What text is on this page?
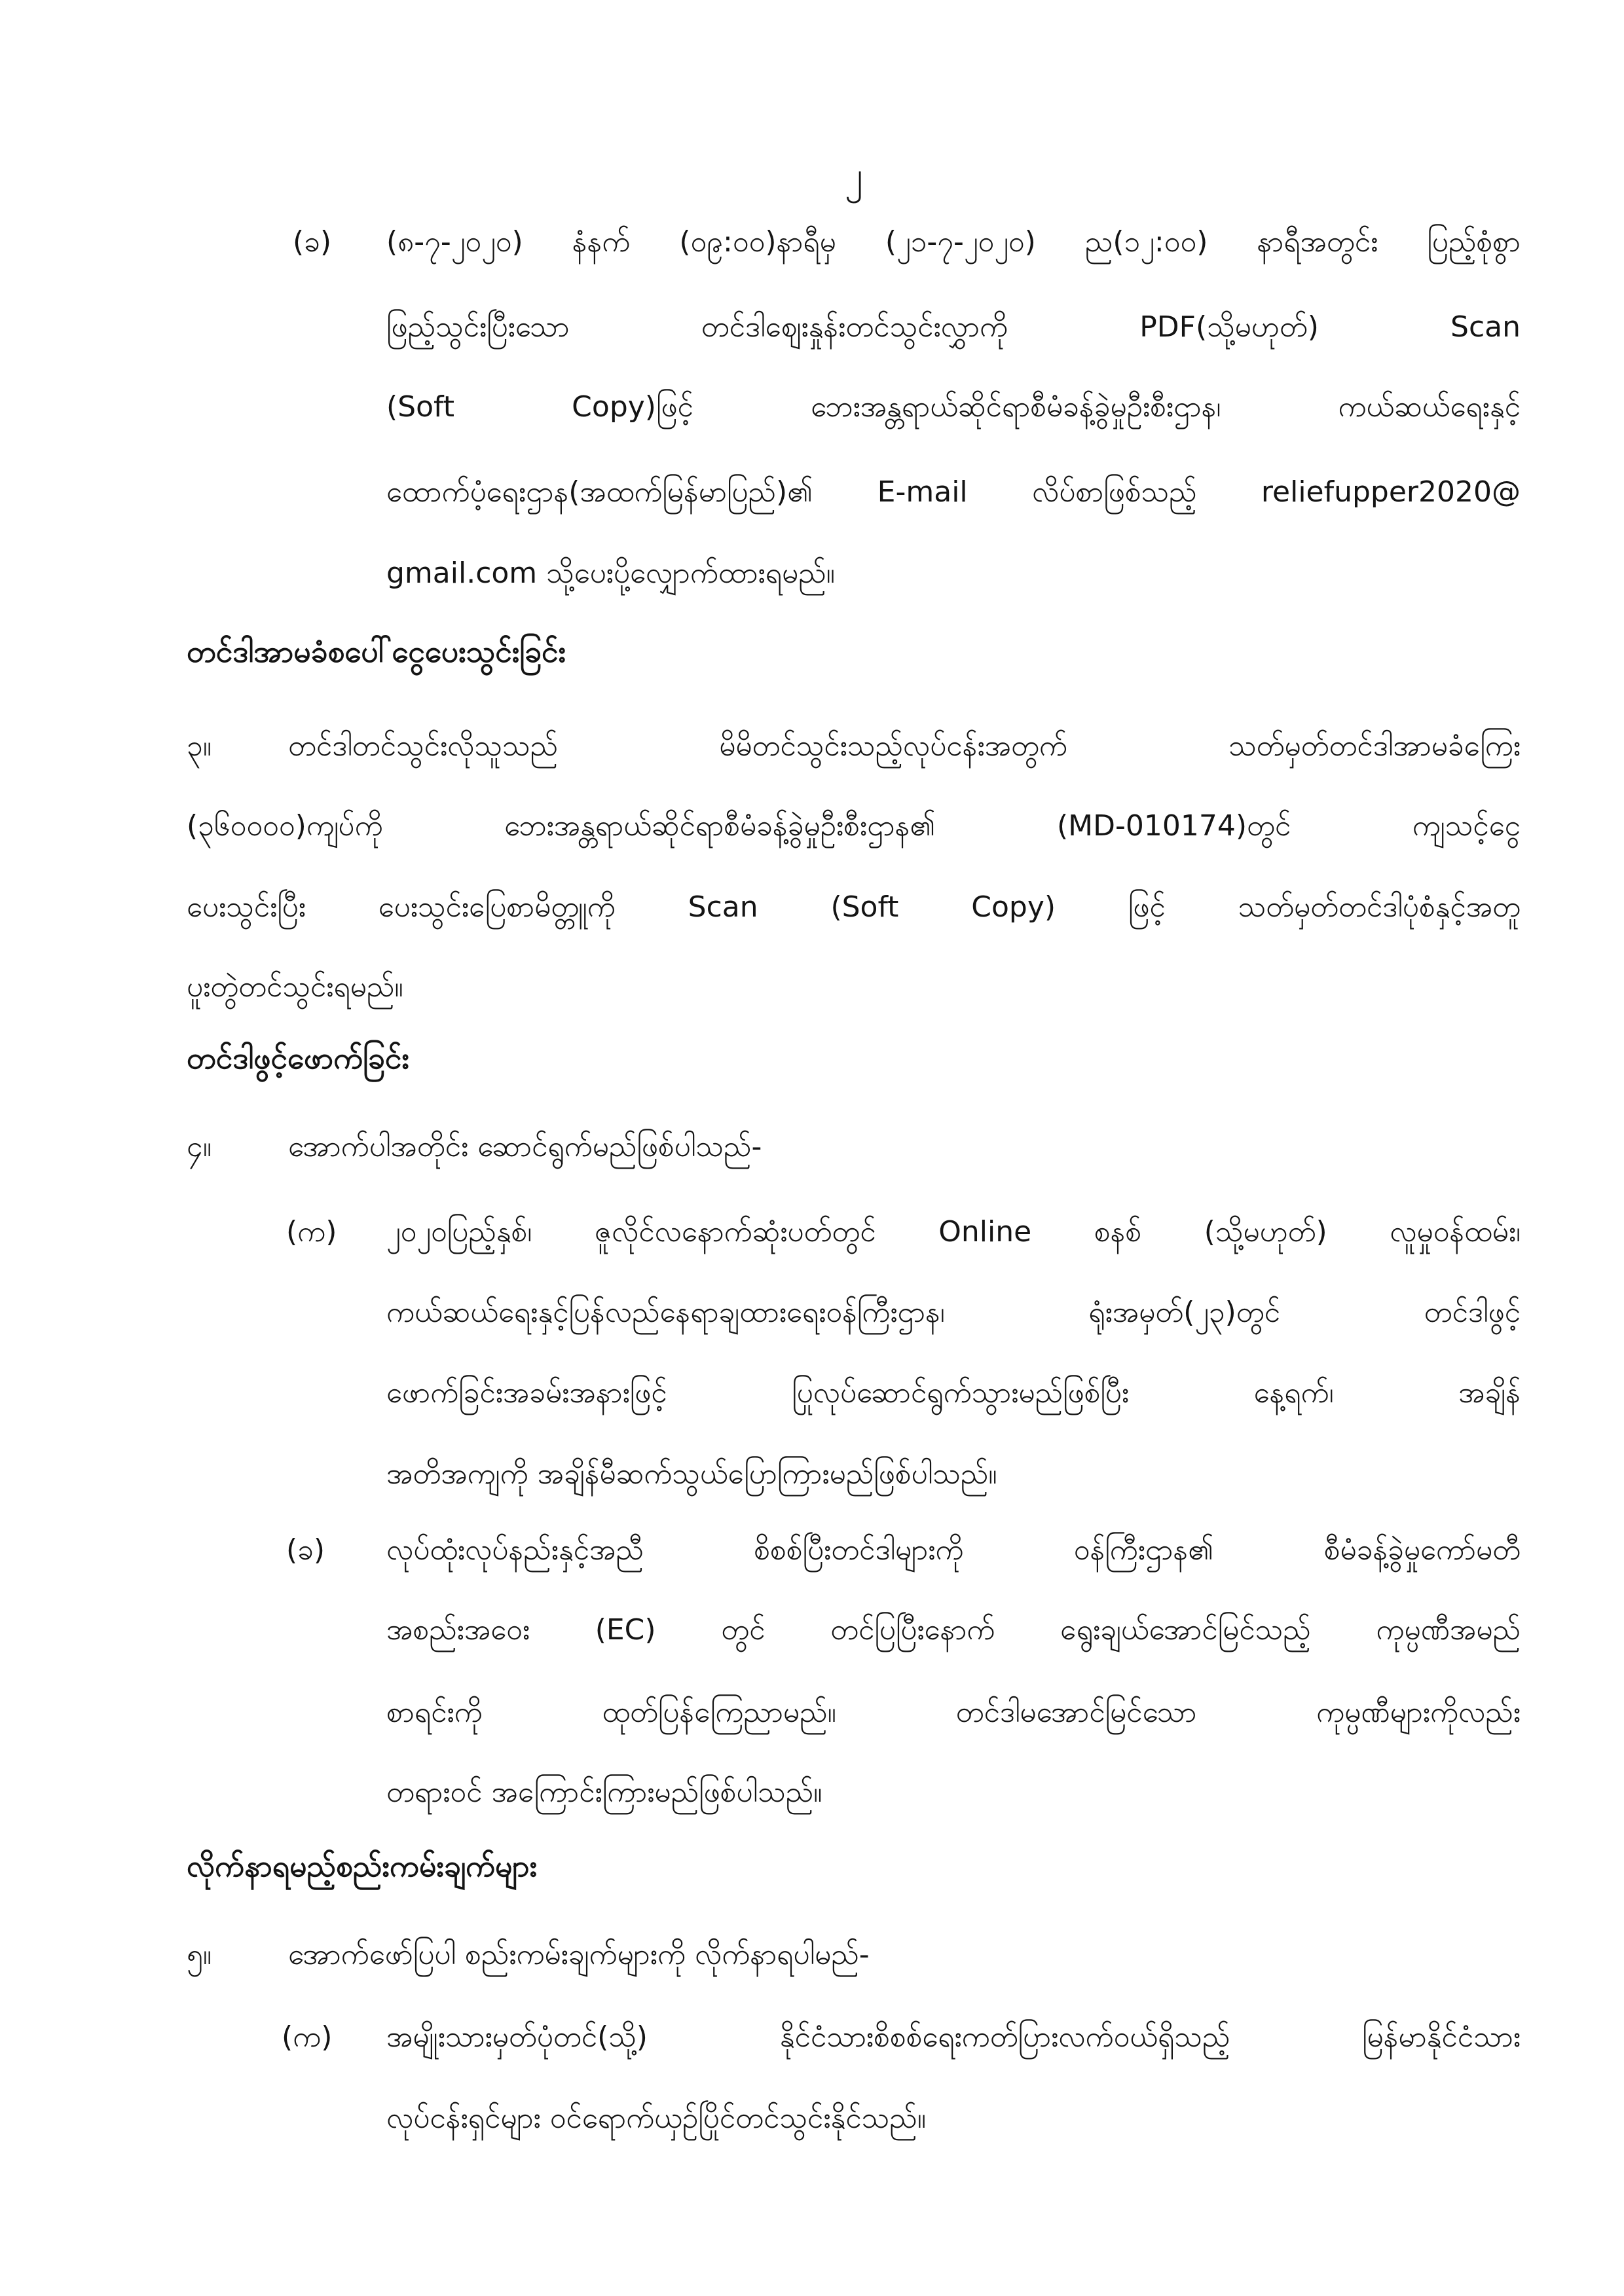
၂
(ခ) (၈-၇-၂၀၂၀) နံနက် (၀၉:၀၀)နာရီမှ (၂၁-၇-၂၀၂၀) ည(၁၂:၀၀) နာရီအတွင်း ပြည့်စုံစွာ
ဖြည့်သွင်းပြီးသော တင်ဒါဈေးနှုန်းတင်သွင်းလွှာကို PDF(သို့မဟုတ်) Scan
(Soft Copy)ဖြင့် ဘေးအန္တရာယ်ဆိုင်ရာစီမံခန့်ခွဲမှုဦးစီးဌာန၊ ကယ်ဆယ်ရေးနှင့်
ထောက်ပံ့ရေးဌာန(အထက်မြန်မာပြည်)၏ E-mail လိပ်စာဖြစ်သည့် reliefupper2020@
gmail.com သို့ပေးပို့လျှောက်ထားရမည်။
တင်ဒါအာမခံစပေါ်ငွေပေးသွင်းခြင်း
၃။	တင်ဒါတင်သွင်းလိုသူသည် မိမိတင်သွင်းသည့်လုပ်ငန်းအတွက် သတ်မှတ်တင်ဒါအာမခံကြေး
(၃၆၀၀၀၀)ကျပ်ကို ဘေးအန္တရာယ်ဆိုင်ရာစီမံခန့်ခွဲမှုဦးစီးဌာန၏ (MD-010174)တွင် ကျသင့်ငွေ
ပေးသွင်းပြီး ပေးသွင်းပြေစာမိတ္တူကို Scan (Soft Copy) ဖြင့် သတ်မှတ်တင်ဒါပုံစံနှင့်အတူ
ပူးတွဲတင်သွင်းရမည်။
တင်ဒါဖွင့်ဖောက်ခြင်း
၄။	အောက်ပါအတိုင်း ဆောင်ရွက်မည်ဖြစ်ပါသည်-
(က) ၂၀၂၀ပြည့်နှစ်၊ ဇူလိုင်လနောက်ဆုံးပတ်တွင် Online စနစ် (သို့မဟုတ်) လူမှုဝန်ထမ်း၊
ကယ်ဆယ်ရေးနှင့်ပြန်လည်နေရာချထားရေးဝန်ကြီးဌာန၊ ရုံးအမှတ်(၂၃)တွင် တင်ဒါဖွင့်
ဖောက်ခြင်းအခမ်းအနားဖြင့် ပြုလုပ်ဆောင်ရွက်သွားမည်ဖြစ်ပြီး နေ့ရက်၊ အချိန်
အတိအကျကို အချိန်မီဆက်သွယ်ပြောကြားမည်ဖြစ်ပါသည်။
(ခ) လုပ်ထုံးလုပ်နည်းနှင့်အညီ စိစစ်ပြီးတင်ဒါများကို ဝန်ကြီးဌာန၏ စီမံခန့်ခွဲမှုကော်မတီ
အစည်းအဝေး (EC) တွင် တင်ပြပြီးနောက် ရွေးချယ်အောင်မြင်သည့် ကုမ္ပဏီအမည်
စာရင်းကို ထုတ်ပြန်ကြေညာမည်။ တင်ဒါမအောင်မြင်သော ကုမ္ပဏီများကိုလည်း
တရားဝင် အကြောင်းကြားမည်ဖြစ်ပါသည်။
လိုက်နာရမည့်စည်းကမ်းချက်များ
၅။	အောက်ဖော်ပြပါ စည်းကမ်းချက်များကို လိုက်နာရပါမည်-
(က) အမျိုးသားမှတ်ပုံတင်(သို့) နိုင်ငံသားစိစစ်ရေးကတ်ပြားလက်ဝယ်ရှိသည့် မြန်မာနိုင်ငံသား
လုပ်ငန်းရှင်များ ဝင်ရောက်ယှဉ်ပြိုင်တင်သွင်းနိုင်သည်။
